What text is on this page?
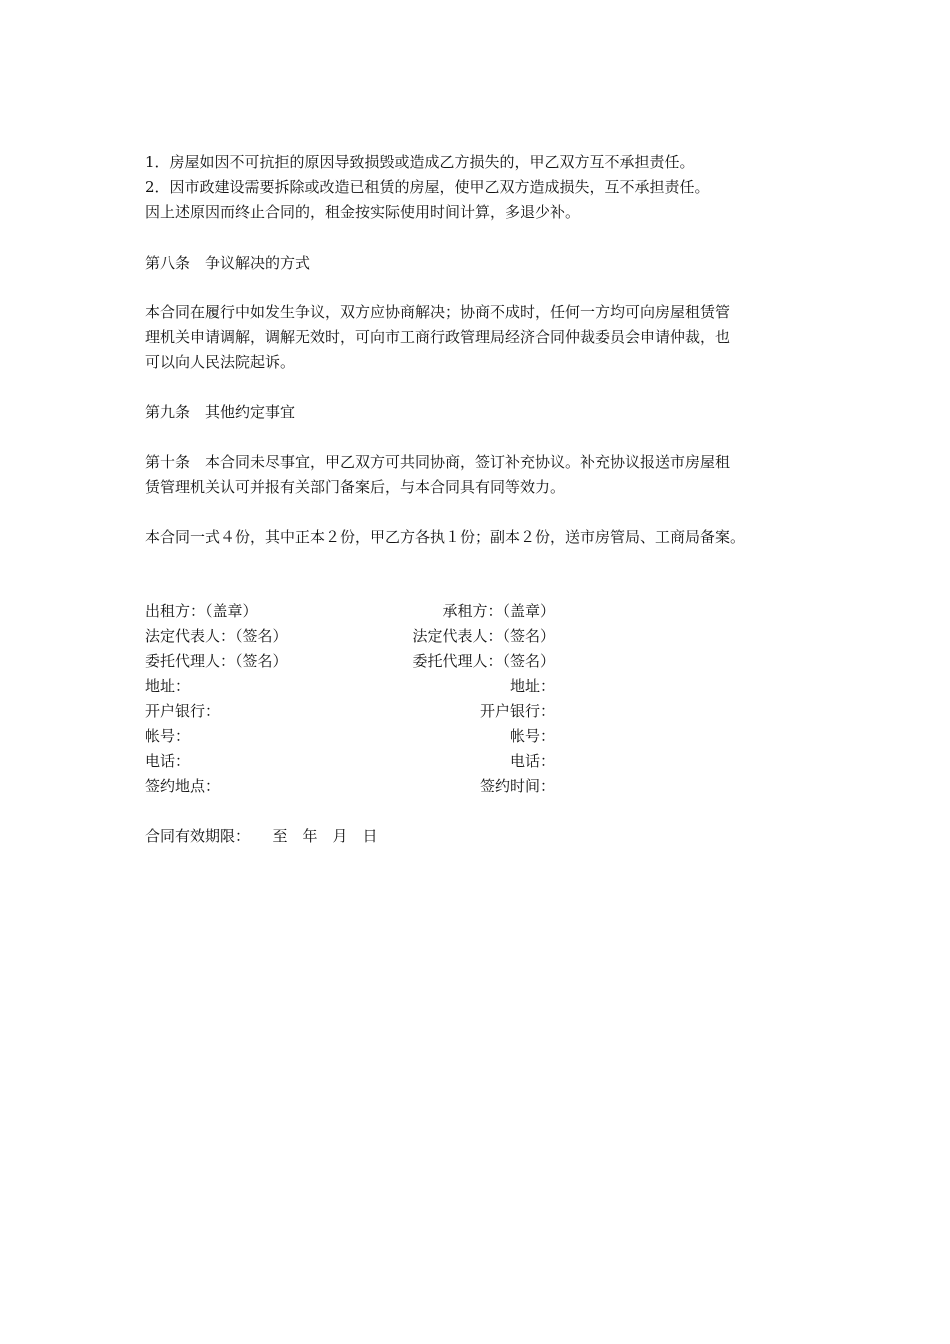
1．房屋如因不可抗拒的原因导致损毁或造成乙方损失的，甲乙双方互不承担责任。
2．因市政建设需要拆除或改造已租赁的房屋，使甲乙双方造成损失，互不承担责任。
因上述原因而终止合同的，租金按实际使用时间计算，多退少补。
第八条　争议解决的方式
本合同在履行中如发生争议，双方应协商解决；协商不成时，任何一方均可向房屋租赁管
理机关申请调解，调解无效时，可向市工商行政管理局经济合同仲裁委员会申请仲裁，也
可以向人民法院起诉。
第九条　其他约定事宜
第十条　本合同未尽事宜，甲乙双方可共同协商，签订补充协议。补充协议报送市房屋租
赁管理机关认可并报有关部门备案后，与本合同具有同等效力。
本合同一式４份，其中正本２份，甲乙方各执１份；副本２份，送市房管局、工商局备案。
出租方：（盖章）
法定代表人：（签名）
委托代理人：（签名）
地址：
开户银行：
帐号：
电话：
签约地点：
承租方：（盖章）
法定代表人：（签名）
委托代理人：（签名）
地址：
开户银行：
帐号：
电话：
签约时间：
合同有效期限：　　至　年　月　日
